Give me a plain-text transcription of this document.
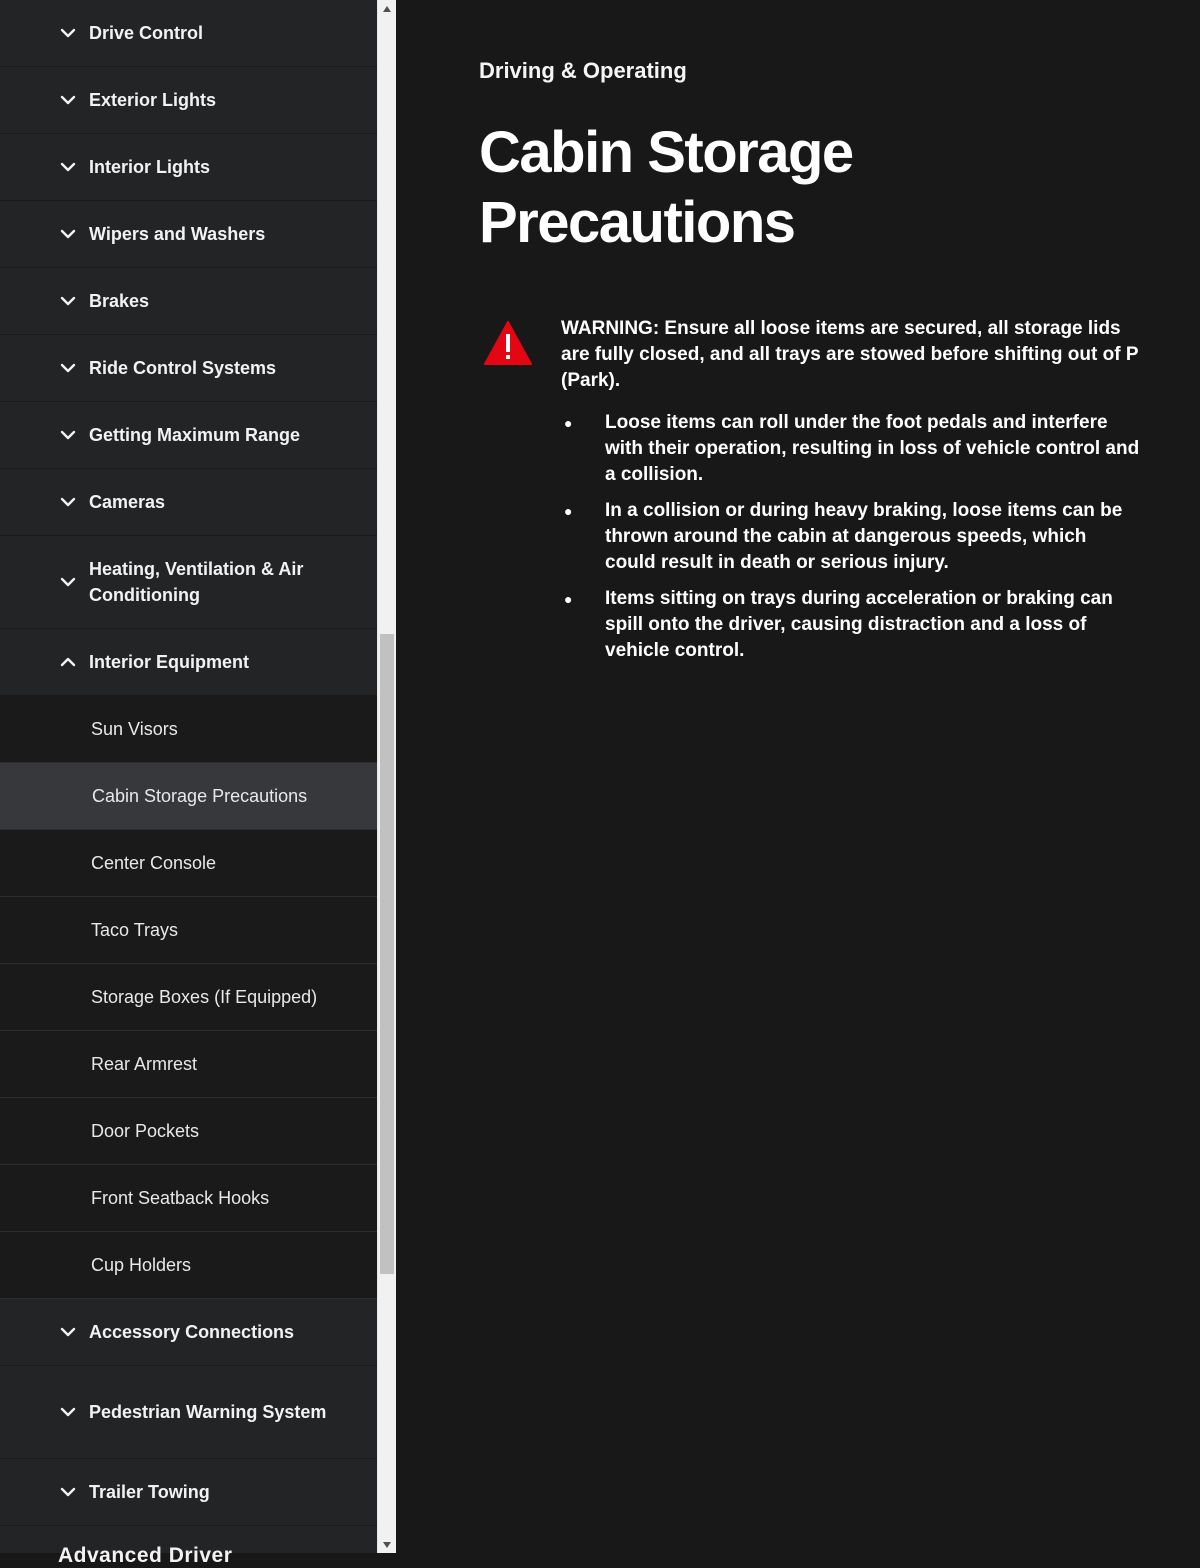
Drive Control
Exterior Lights
Interior Lights
Wipers and Washers
Brakes
Ride Control Systems
Getting Maximum Range
Cameras
Heating, Ventilation & Air Conditioning
Interior Equipment
Sun Visors
Cabin Storage Precautions
Center Console
Taco Trays
Storage Boxes (If Equipped)
Rear Armrest
Door Pockets
Front Seatback Hooks
Cup Holders
Accessory Connections
Pedestrian Warning System
Trailer Towing
Advanced Driver
Driving & Operating
Cabin Storage Precautions

WARNING: Ensure all loose items are secured, all storage lids are fully closed, and all trays are stowed before shifting out of P (Park).

● Loose items can roll under the foot pedals and interfere with their operation, resulting in loss of vehicle control and a collision.
● In a collision or during heavy braking, loose items can be thrown around the cabin at dangerous speeds, which could result in death or serious injury.
● Items sitting on trays during acceleration or braking can spill onto the driver, causing distraction and a loss of vehicle control.
